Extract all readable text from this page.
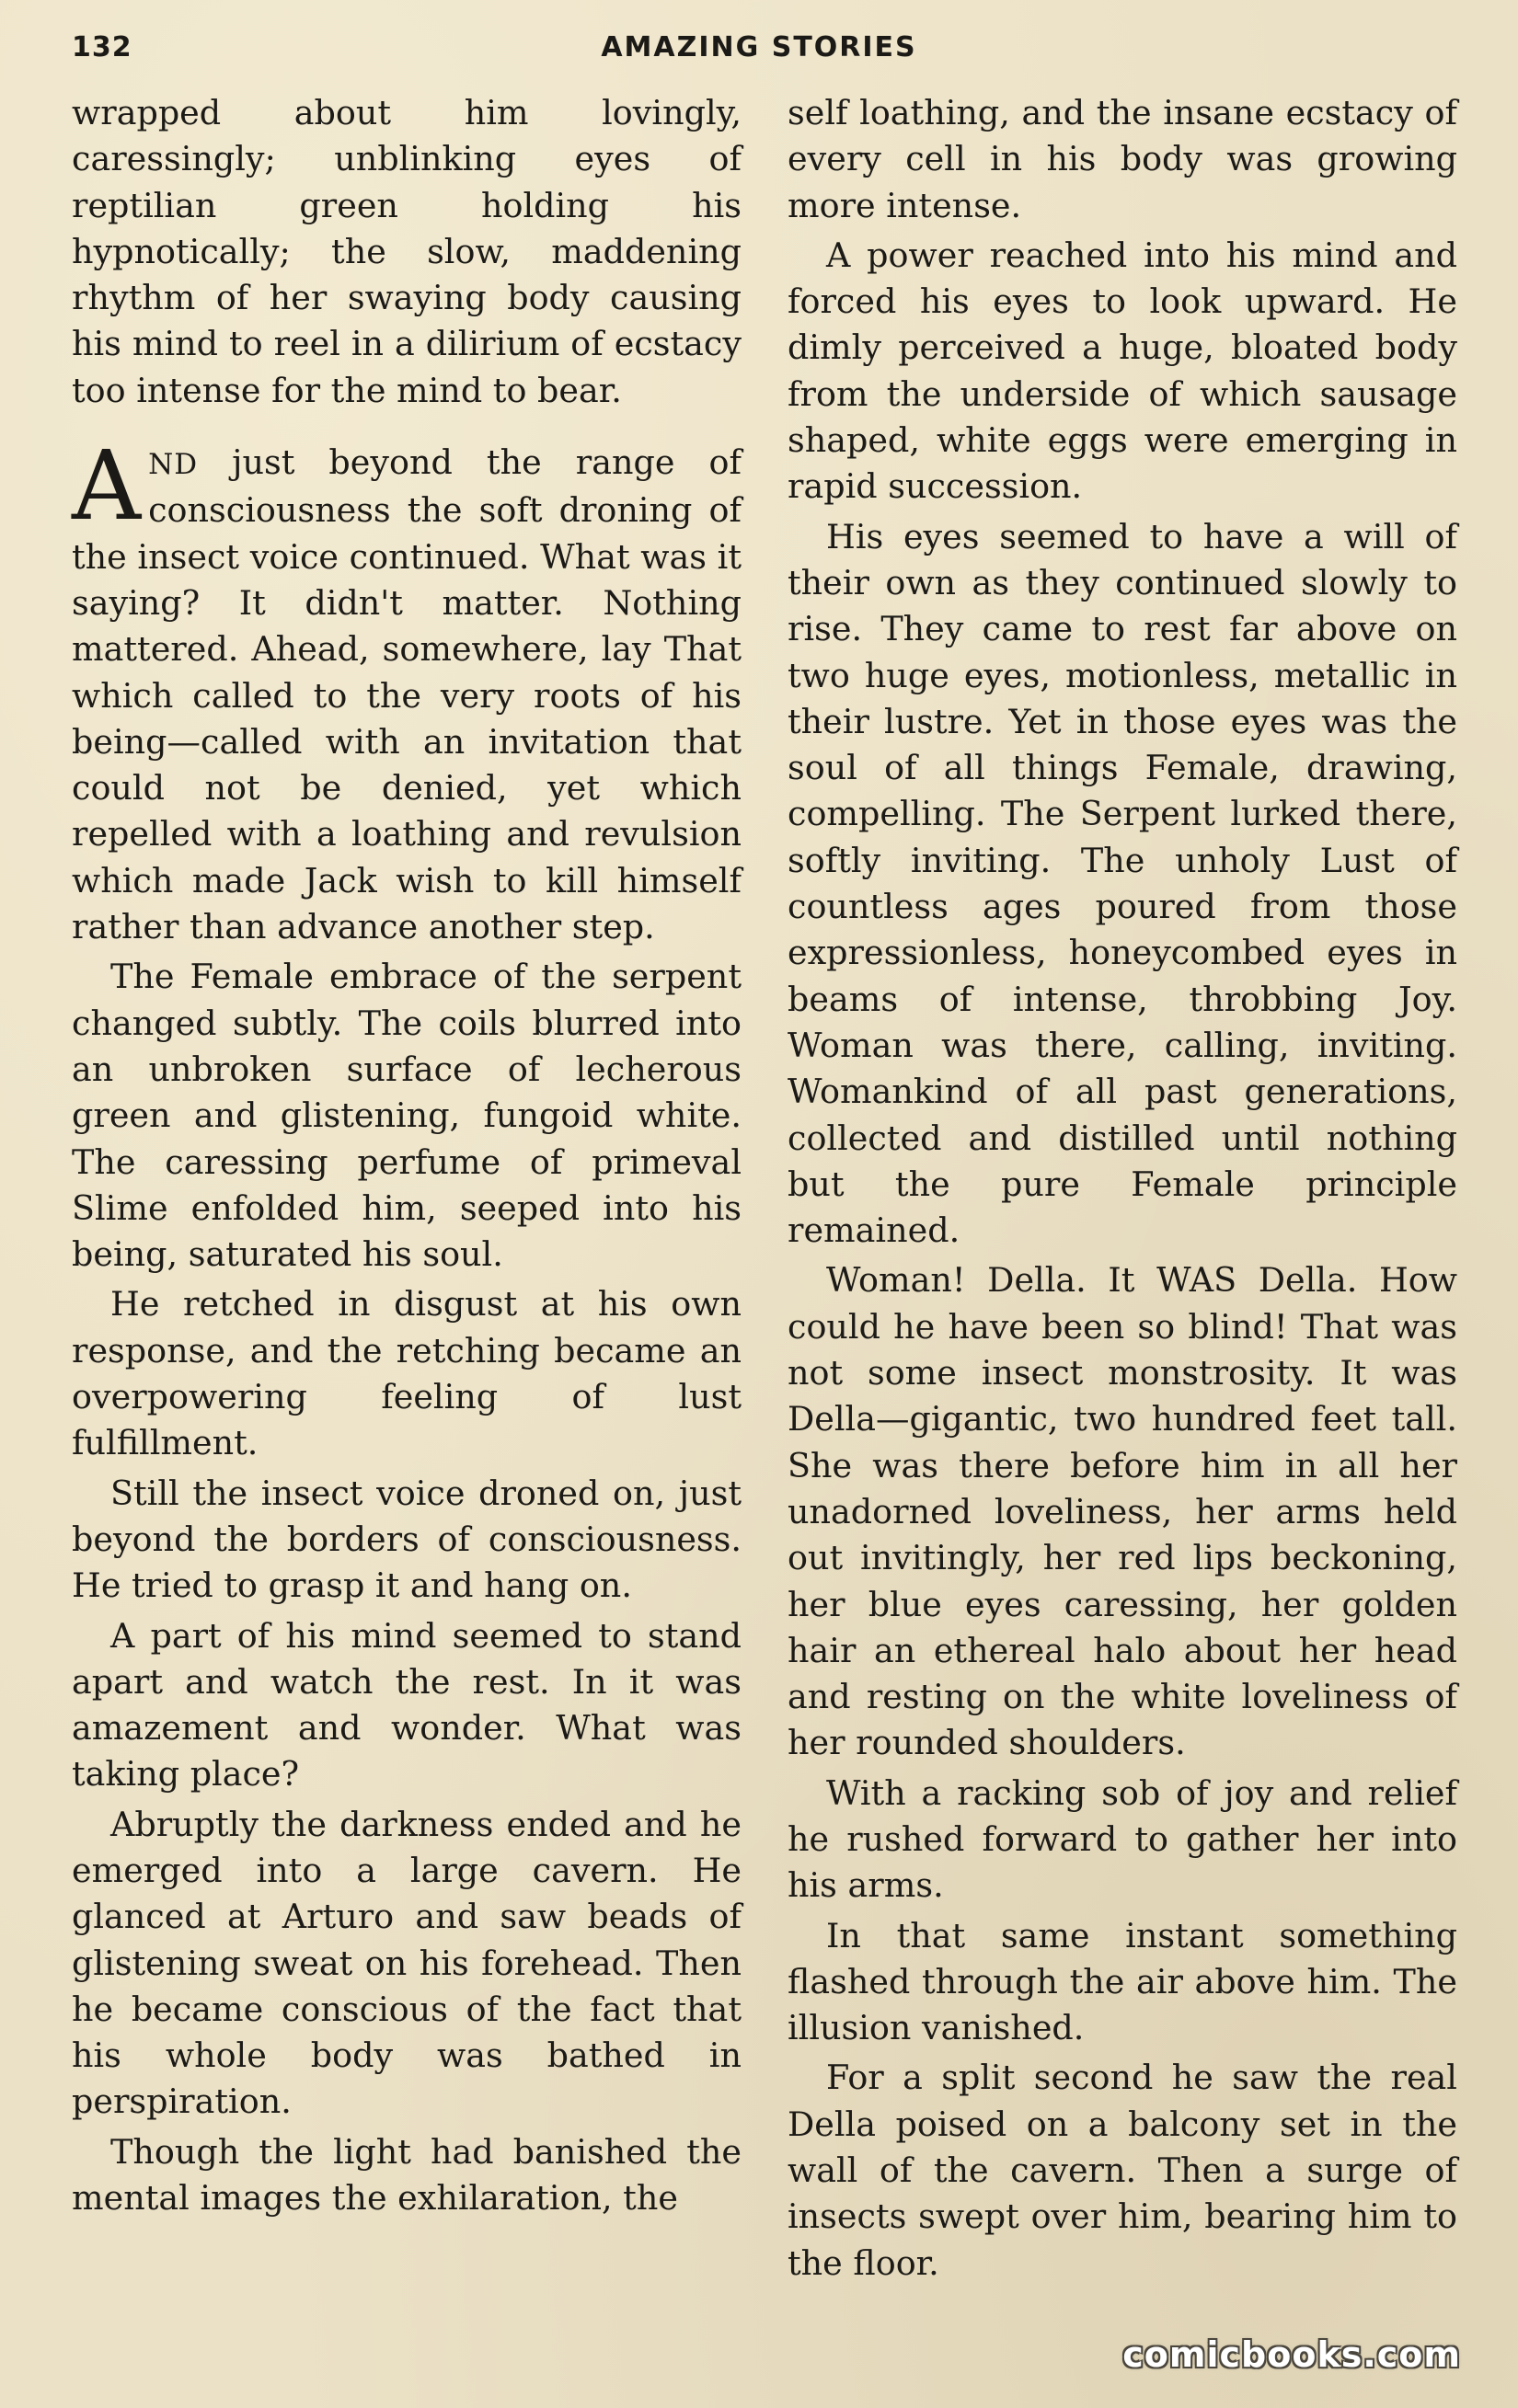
132	AMAZING STORIES

wrapped about him lovingly, caressingly; unblinking eyes of reptilian green holding his hypnotically; the slow, maddening rhythm of her swaying body causing his mind to reel in a dilirium of ecstacy too intense for the mind to bear.

AND just beyond the range of consciousness the soft droning of the insect voice continued. What was it saying? It didn't matter. Nothing mattered. Ahead, somewhere, lay That which called to the very roots of his being—called with an invitation that could not be denied, yet which repelled with a loathing and revulsion which made Jack wish to kill himself rather than advance another step.

The Female embrace of the serpent changed subtly. The coils blurred into an unbroken surface of lecherous green and glistening, fungoid white. The caressing perfume of primeval Slime enfolded him, seeped into his being, saturated his soul.

He retched in disgust at his own response, and the retching became an overpowering feeling of lust fulfillment.

Still the insect voice droned on, just beyond the borders of consciousness. He tried to grasp it and hang on.

A part of his mind seemed to stand apart and watch the rest. In it was amazement and wonder. What was taking place?

Abruptly the darkness ended and he emerged into a large cavern. He glanced at Arturo and saw beads of glistening sweat on his forehead. Then he became conscious of the fact that his whole body was bathed in perspiration.

Though the light had banished the mental images the exhilaration, the

self loathing, and the insane ecstacy of every cell in his body was growing more intense.

A power reached into his mind and forced his eyes to look upward. He dimly perceived a huge, bloated body from the underside of which sausage shaped, white eggs were emerging in rapid succession.

His eyes seemed to have a will of their own as they continued slowly to rise. They came to rest far above on two huge eyes, motionless, metallic in their lustre. Yet in those eyes was the soul of all things Female, drawing, compelling. The Serpent lurked there, softly inviting. The unholy Lust of countless ages poured from those expressionless, honeycombed eyes in beams of intense, throbbing Joy. Woman was there, calling, inviting. Womankind of all past generations, collected and distilled until nothing but the pure Female principle remained.

Woman! Della. It WAS Della. How could he have been so blind! That was not some insect monstrosity. It was Della—gigantic, two hundred feet tall. She was there before him in all her unadorned loveliness, her arms held out invitingly, her red lips beckoning, her blue eyes caressing, her golden hair an ethereal halo about her head and resting on the white loveliness of her rounded shoulders.

With a racking sob of joy and relief he rushed forward to gather her into his arms.

In that same instant something flashed through the air above him. The illusion vanished.

For a split second he saw the real Della poised on a balcony set in the wall of the cavern. Then a surge of insects swept over him, bearing him to the floor.

comicbooks.com
